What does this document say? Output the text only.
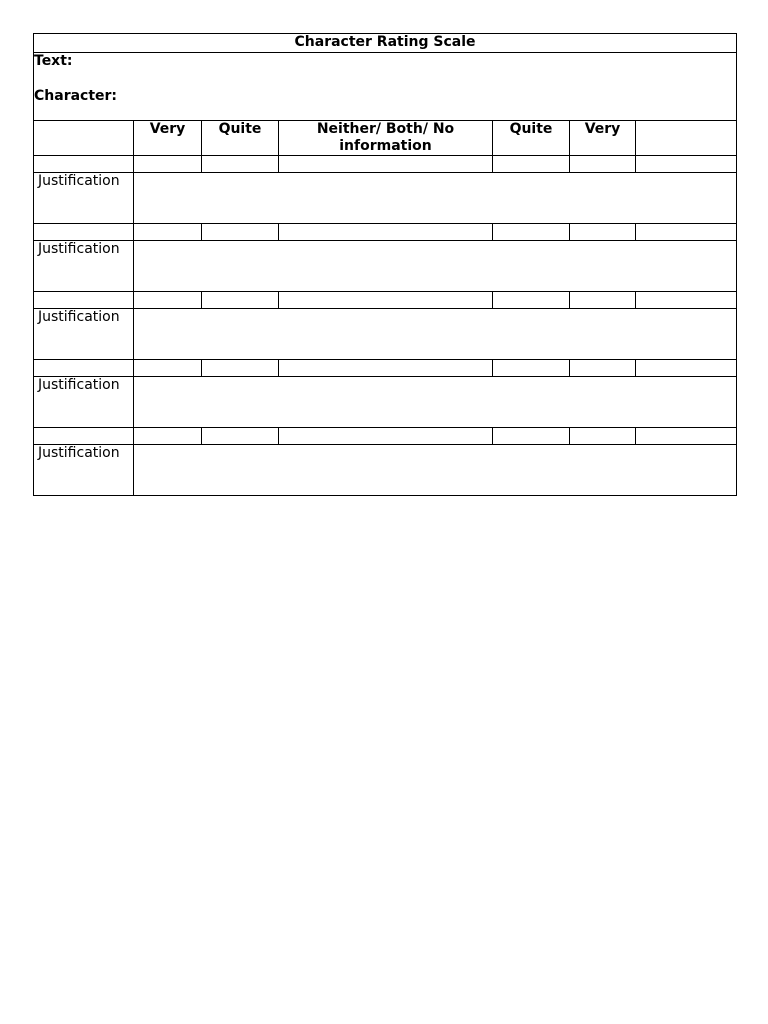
Character Rating Scale						

Text:
Character:						

	Very	Quite	Neither/ Both/ No information	Quite	Very	

Justification						

Justification						

Justification						

Justification						

Justification						
